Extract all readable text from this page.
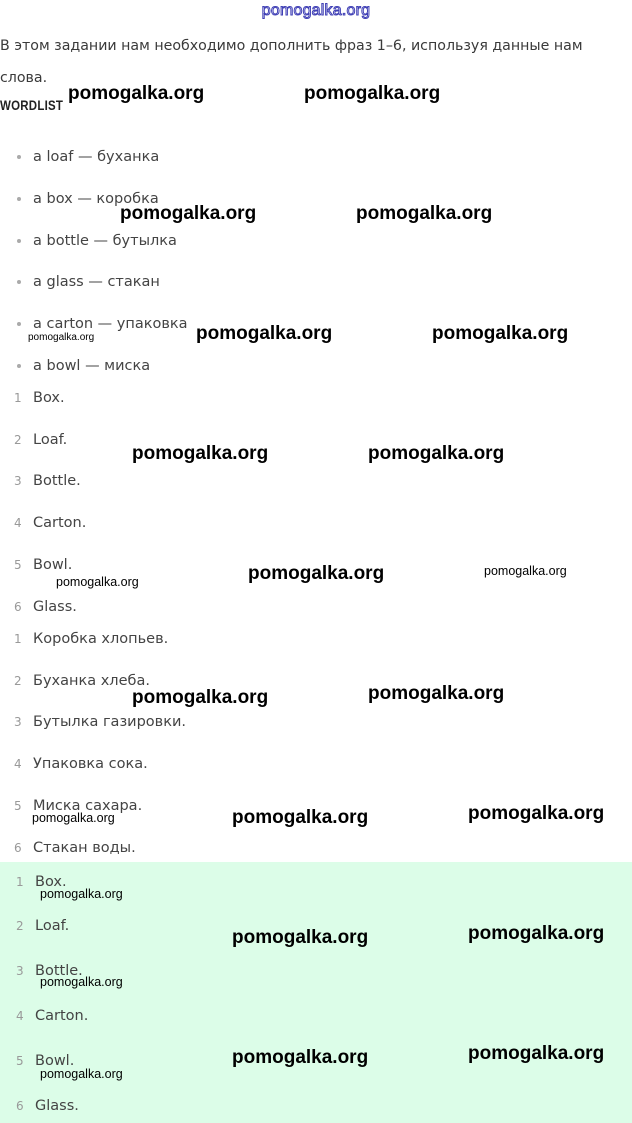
pomogalka.org

В этом задании нам необходимо дополнить фраз 1–6, используя данные нам слова.

WORDLIST
a loaf — буханка
a box — коробка
a bottle — бутылка
a glass — стакан
a carton — упаковка
a bowl — миска
1 Box.
2 Loaf.
3 Bottle.
4 Carton.
5 Bowl.
6 Glass.
1 Коробка хлопьев.
2 Буханка хлеба.
3 Бутылка газировки.
4 Упаковка сока.
5 Миска сахара.
6 Стакан воды.
1 Box.
2 Loaf.
3 Bottle.
4 Carton.
5 Bowl.
6 Glass.
pomogalka.org	pomogalka.org
pomogalka.org	pomogalka.org
pomogalka.org	pomogalka.org
pomogalka.org
pomogalka.org	pomogalka.org
pomogalka.org
pomogalka.org
pomogalka.org
pomogalka.org	pomogalka.org
pomogalka.org	pomogalka.org
pomogalka.org
pomogalka.org
pomogalka.org	pomogalka.org
pomogalka.org
pomogalka.org	pomogalka.org
pomogalka.org
